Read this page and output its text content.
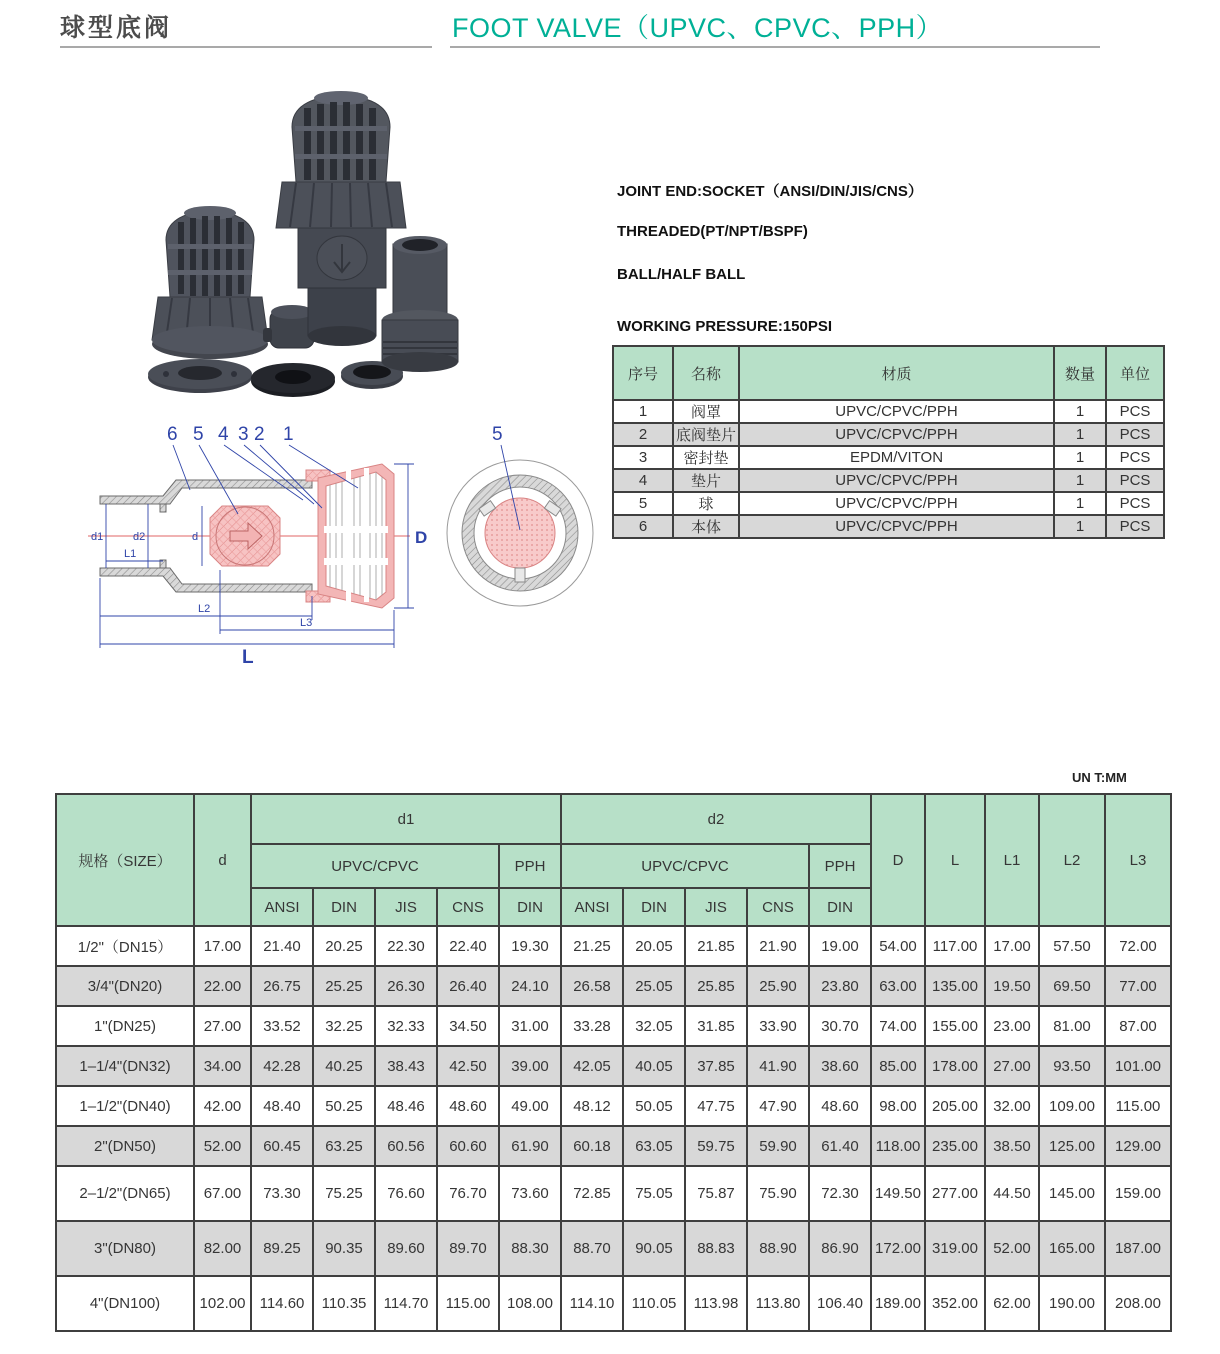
球型底阀	FOOT VALVE（UPVC、CPVC、PPH）
JOINT END:SOCKET（ANSI/DIN/JIS/CNS）
THREADED(PT/NPT/BSPF)
BALL/HALF BALL
WORKING PRESSURE:150PSI
序号	名称	材质	数量	单位
1	阀罩	UPVC/CPVC/PPH	1	PCS
2	底阀垫片	UPVC/CPVC/PPH	1	PCS
3	密封垫	EPDM/VITON	1	PCS
4	垫片	UPVC/CPVC/PPH	1	PCS
5	球	UPVC/CPVC/PPH	1	PCS
6	本体	UPVC/CPVC/PPH	1	PCS
6 5 4 3 2 1
d1	d2	d
L1
L2
L3
L
D
5
UN T:MM
规格（SIZE）	d	d1					d2					D	L	L1	L2	L3
		UPVC/CPVC				PPH	UPVC/CPVC				PPH					
		ANSI	DIN	JIS	CNS	DIN	ANSI	DIN	JIS	CNS	DIN					
1/2"（DN15）	17.00	21.40	20.25	22.30	22.40	19.30	21.25	20.05	21.85	21.90	19.00	54.00	117.00	17.00	57.50	72.00
3/4"(DN20)	22.00	26.75	25.25	26.30	26.40	24.10	26.58	25.05	25.85	25.90	23.80	63.00	135.00	19.50	69.50	77.00
1"(DN25)	27.00	33.52	32.25	32.33	34.50	31.00	33.28	32.05	31.85	33.90	30.70	74.00	155.00	23.00	81.00	87.00
1–1/4"(DN32)	34.00	42.28	40.25	38.43	42.50	39.00	42.05	40.05	37.85	41.90	38.60	85.00	178.00	27.00	93.50	101.00
1–1/2"(DN40)	42.00	48.40	50.25	48.46	48.60	49.00	48.12	50.05	47.75	47.90	48.60	98.00	205.00	32.00	109.00	115.00
2"(DN50)	52.00	60.45	63.25	60.56	60.60	61.90	60.18	63.05	59.75	59.90	61.40	118.00	235.00	38.50	125.00	129.00
2–1/2"(DN65)	67.00	73.30	75.25	76.60	76.70	73.60	72.85	75.05	75.87	75.90	72.30	149.50	277.00	44.50	145.00	159.00
3"(DN80)	82.00	89.25	90.35	89.60	89.70	88.30	88.70	90.05	88.83	88.90	86.90	172.00	319.00	52.00	165.00	187.00
4"(DN100)	102.00	114.60	110.35	114.70	115.00	108.00	114.10	110.05	113.98	113.80	106.40	189.00	352.00	62.00	190.00	208.00
